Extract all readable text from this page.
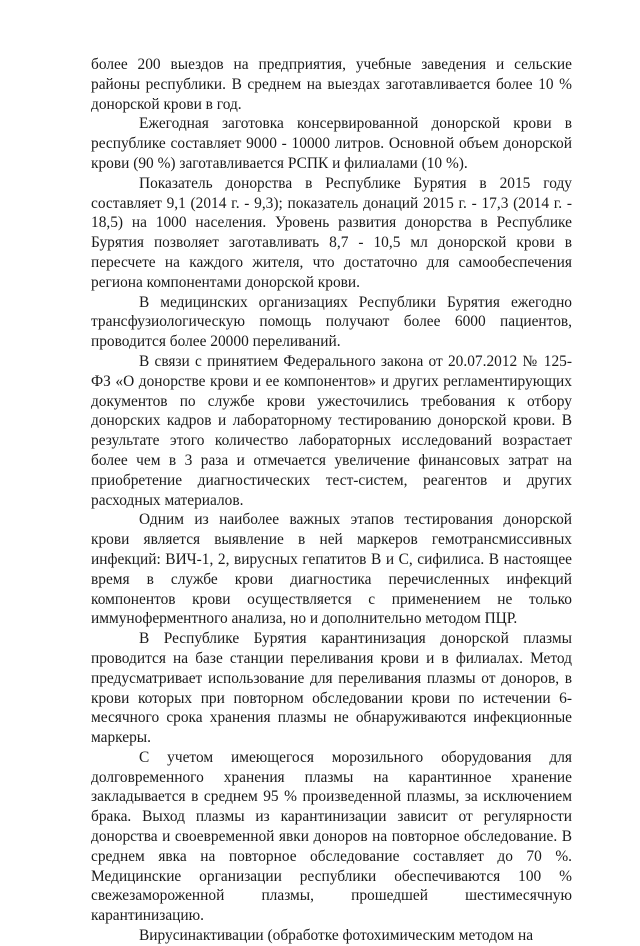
более 200 выездов на предприятия, учебные заведения и сельские районы республики. В среднем на выездах заготавливается более 10 % донорской крови в год.

Ежегодная заготовка консервированной донорской крови в республике составляет 9000 - 10000 литров. Основной объем донорской крови (90 %) заготавливается РСПК и филиалами (10 %).

Показатель донорства в Республике Бурятия в 2015 году составляет 9,1 (2014 г. - 9,3); показатель донаций 2015 г. - 17,3 (2014 г. - 18,5) на 1000 населения. Уровень развития донорства в Республике Бурятия позволяет заготавливать 8,7 - 10,5 мл донорской крови в пересчете на каждого жителя, что достаточно для самообеспечения региона компонентами донорской крови.

В медицинских организациях Республики Бурятия ежегодно трансфузиологическую помощь получают более 6000 пациентов, проводится более 20000 переливаний.

В связи с принятием Федерального закона от 20.07.2012 № 125-ФЗ «О донорстве крови и ее компонентов» и других регламентирующих документов по службе крови ужесточились требования к отбору донорских кадров и лабораторному тестированию донорской крови. В результате этого количество лабораторных исследований возрастает более чем в 3 раза и отмечается увеличение финансовых затрат на приобретение диагностических тест-систем, реагентов и других расходных материалов.

Одним из наиболее важных этапов тестирования донорской крови является выявление в ней маркеров гемотрансмиссивных инфекций: ВИЧ-1, 2, вирусных гепатитов В и С, сифилиса. В настоящее время в службе крови диагностика перечисленных инфекций компонентов крови осуществляется с применением не только иммуноферментного анализа, но и дополнительно методом ПЦР.

В Республике Бурятия карантинизация донорской плазмы проводится на базе станции переливания крови и в филиалах. Метод предусматривает использование для переливания плазмы от доноров, в крови которых при повторном обследовании крови по истечении 6-месячного срока хранения плазмы не обнаруживаются инфекционные маркеры.

С учетом имеющегося морозильного оборудования для долговременного хранения плазмы на карантинное хранение закладывается в среднем 95 % произведенной плазмы, за исключением брака. Выход плазмы из карантинизации зависит от регулярности донорства и своевременной явки доноров на повторное обследование. В среднем явка на повторное обследование составляет до 70 %. Медицинские организации республики обеспечиваются 100 % свежезамороженной плазмы, прошедшей шестимесячную карантинизацию.

Вирусинактивации (обработке фотохимическим методом на
